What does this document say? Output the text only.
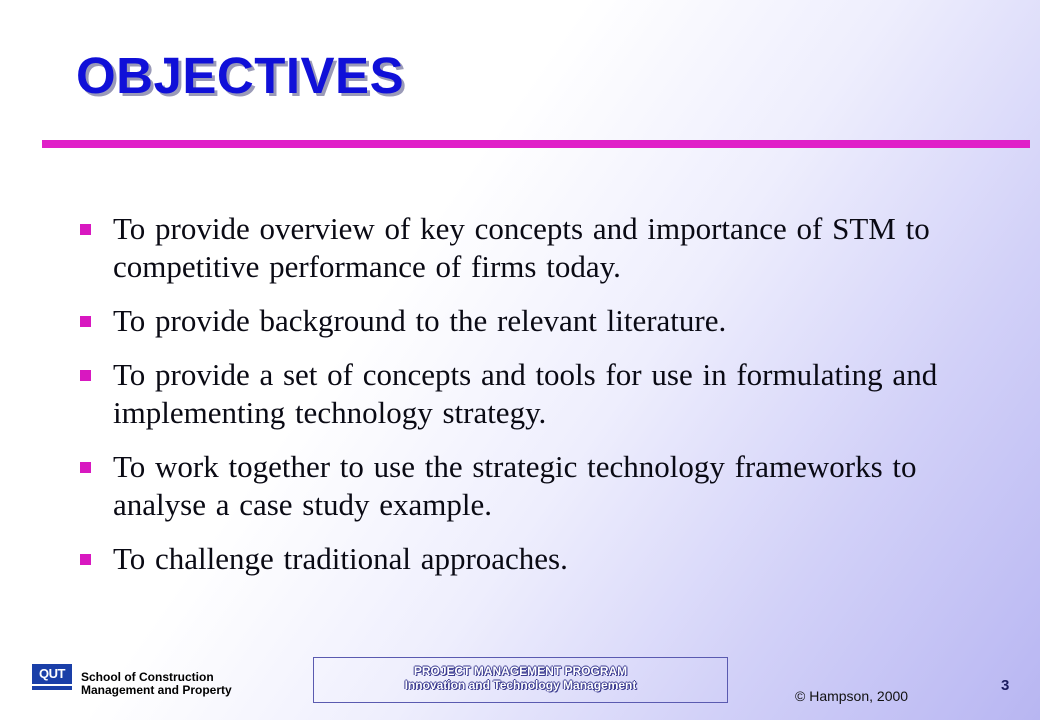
OBJECTIVES
To provide overview of key concepts and importance of STM to competitive performance of firms today.
To provide background to the relevant literature.
To provide a set of concepts and tools for use in formulating and implementing technology strategy.
To work together to use the strategic technology frameworks to analyse a case study example.
To challenge traditional approaches.
QUT	School of Construction
Management and Property
PROJECT MANAGEMENT PROGRAM
Innovation and Technology Management	3
© Hampson, 2000
